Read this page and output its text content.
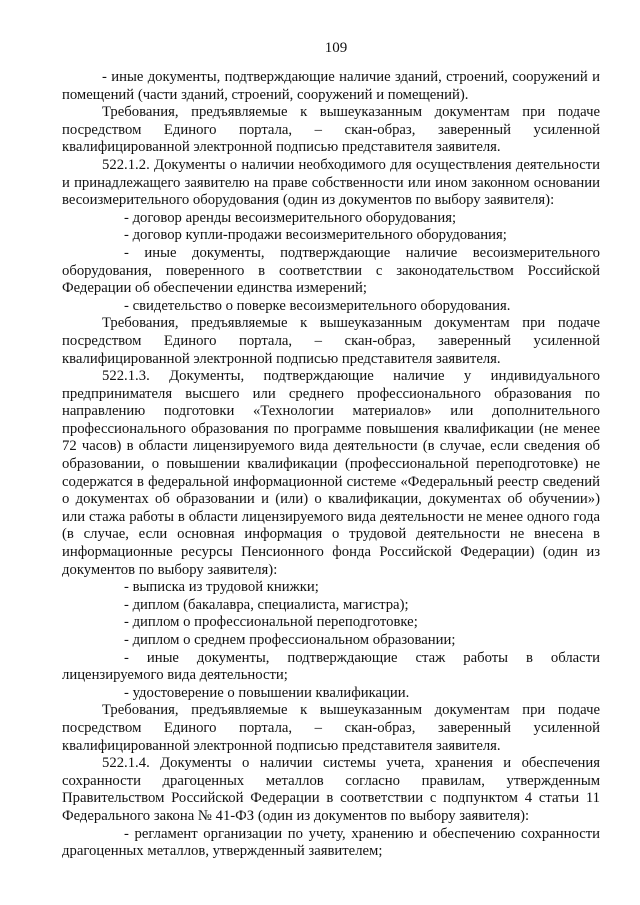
109

- иные документы, подтверждающие наличие зданий, строений, сооружений и помещений (части зданий, строений, сооружений и помещений).

Требования, предъявляемые к вышеуказанным документам при подаче посредством Единого портала, – скан-образ, заверенный усиленной квалифицированной электронной подписью представителя заявителя.

522.1.2. Документы о наличии необходимого для осуществления деятельности и принадлежащего заявителю на праве собственности или ином законном основании весоизмерительного оборудования (один из документов по выбору заявителя):

- договор аренды весоизмерительного оборудования;

- договор купли-продажи весоизмерительного оборудования;

- иные документы, подтверждающие наличие весоизмерительного оборудования, поверенного в соответствии с законодательством Российской Федерации об обеспечении единства измерений;

- свидетельство о поверке весоизмерительного оборудования.

Требования, предъявляемые к вышеуказанным документам при подаче посредством Единого портала, – скан-образ, заверенный усиленной квалифицированной электронной подписью представителя заявителя.

522.1.3. Документы, подтверждающие наличие у индивидуального предпринимателя высшего или среднего профессионального образования по направлению подготовки «Технологии материалов» или дополнительного профессионального образования по программе повышения квалификации (не менее 72 часов) в области лицензируемого вида деятельности (в случае, если сведения об образовании, о повышении квалификации (профессиональной переподготовке) не содержатся в федеральной информационной системе «Федеральный реестр сведений о документах об образовании и (или) о квалификации, документах об обучении») или стажа работы в области лицензируемого вида деятельности не менее одного года (в случае, если основная информация о трудовой деятельности не внесена в информационные ресурсы Пенсионного фонда Российской Федерации) (один из документов по выбору заявителя):

- выписка из трудовой книжки;

- диплом (бакалавра, специалиста, магистра);

- диплом о профессиональной переподготовке;

- диплом о среднем профессиональном образовании;

- иные документы, подтверждающие стаж работы в области лицензируемого вида деятельности;

- удостоверение о повышении квалификации.

Требования, предъявляемые к вышеуказанным документам при подаче посредством Единого портала, – скан-образ, заверенный усиленной квалифицированной электронной подписью представителя заявителя.

522.1.4. Документы о наличии системы учета, хранения и обеспечения сохранности драгоценных металлов согласно правилам, утвержденным Правительством Российской Федерации в соответствии с подпунктом 4 статьи 11 Федерального закона № 41-ФЗ (один из документов по выбору заявителя):

- регламент организации по учету, хранению и обеспечению сохранности драгоценных металлов, утвержденный заявителем;
